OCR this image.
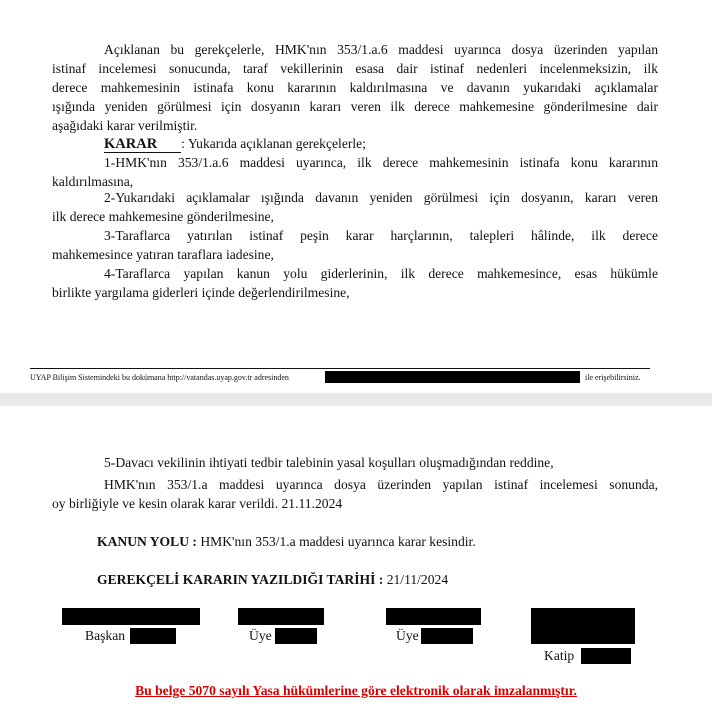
Açıklanan bu gerekçelerle, HMK'nın 353/1.a.6 maddesi uyarınca dosya üzerinden yapılan
istinaf incelemesi sonucunda, taraf vekillerinin esasa dair istinaf nedenleri incelenmeksizin, ilk
derece mahkemesinin istinafa konu kararının kaldırılmasına ve davanın yukarıdaki açıklamalar
ışığında yeniden görülmesi için dosyanın kararı veren ilk derece mahkemesine gönderilmesine dair
aşağıdaki karar verilmiştir.
KARAR : Yukarıda açıklanan gerekçelerle;
1-HMK'nın 353/1.a.6 maddesi uyarınca, ilk derece mahkemesinin istinafa konu kararının
kaldırılmasına,
2-Yukarıdaki açıklamalar ışığında davanın yeniden görülmesi için dosyanın, kararı veren
ilk derece mahkemesine gönderilmesine,
3-Taraflarca yatırılan istinaf peşin karar harçlarının, talepleri hâlinde, ilk derece
mahkemesince yatıran taraflara iadesine,
4-Taraflarca yapılan kanun yolu giderlerinin, ilk derece mahkemesince, esas hükümle
birlikte yargılama giderleri içinde değerlendirilmesine,
UYAP Bilişim Sistemindeki bu dokümana http://vatandas.uyap.gov.tr adresinden	ile erişebilirsiniz.
5-Davacı vekilinin ihtiyati tedbir talebinin yasal koşulları oluşmadığından reddine,
HMK'nın 353/1.a maddesi uyarınca dosya üzerinden yapılan istinaf incelemesi sonunda,
oy birliğiyle ve kesin olarak karar verildi. 21.11.2024
KANUN YOLU : HMK'nın 353/1.a maddesi uyarınca karar kesindir.
GEREKÇELİ KARARIN YAZILDIĞI TARİHİ : 21/11/2024
Başkan	Üye	Üye
Katip
Bu belge 5070 sayılı Yasa hükümlerine göre elektronik olarak imzalanmıştır.
